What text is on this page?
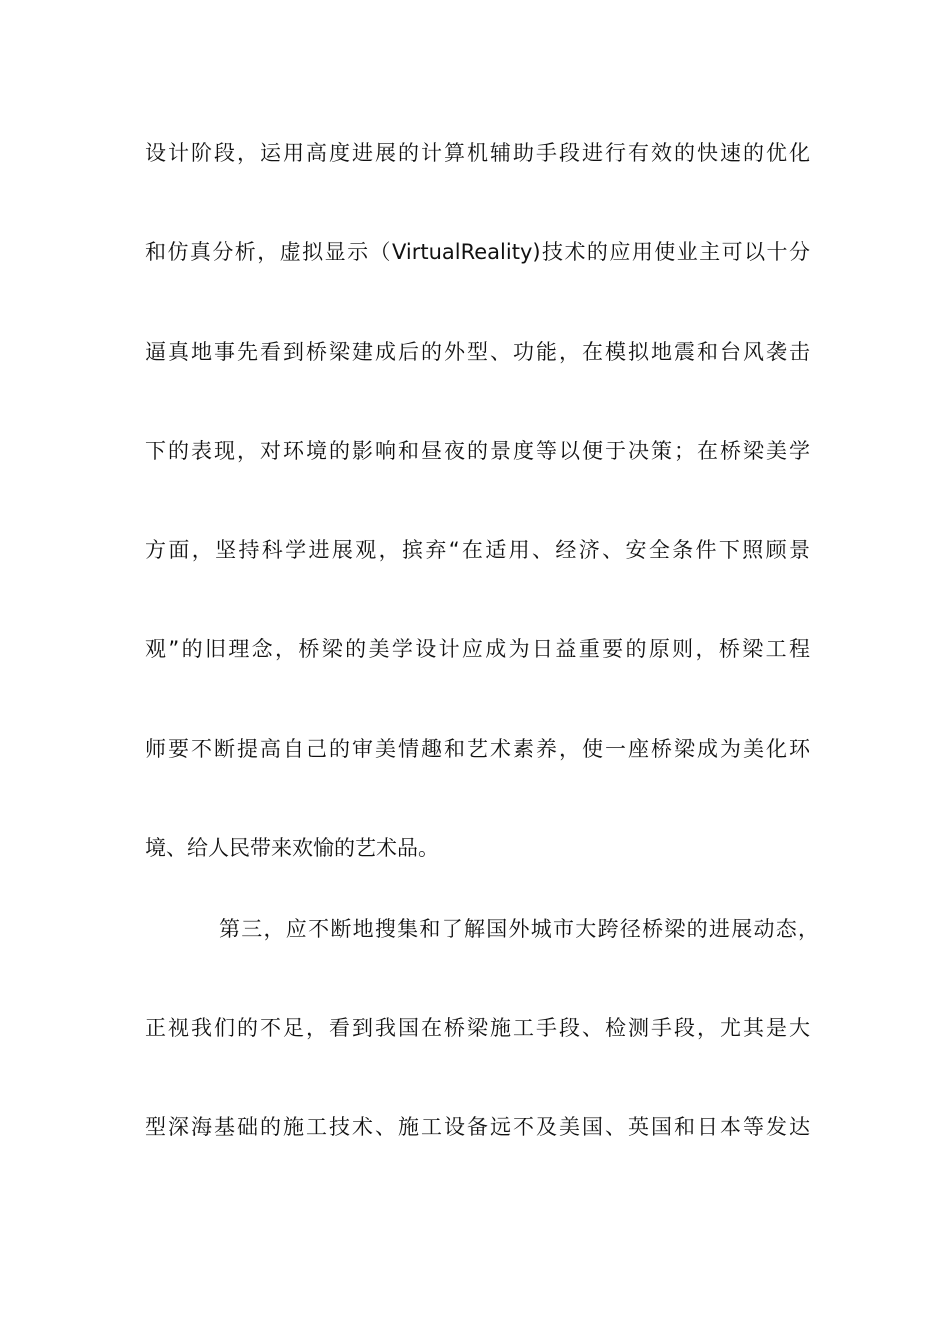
设计阶段，运用高度进展的计算机辅助手段进行有效的快速的优化
和仿真分析，虚拟显示（VirtualReality)技术的应用使业主可以十分
逼真地事先看到桥梁建成后的外型、功能，在模拟地震和台风袭击
下的表现，对环境的影响和昼夜的景度等以便于决策；在桥梁美学
方面，坚持科学进展观，摈弃“在适用、经济、安全条件下照顾景
观”的旧理念，桥梁的美学设计应成为日益重要的原则，桥梁工程
师要不断提高自己的审美情趣和艺术素养，使一座桥梁成为美化环
境、给人民带来欢愉的艺术品。
第三，应不断地搜集和了解国外城市大跨径桥梁的进展动态，
正视我们的不足，看到我国在桥梁施工手段、检测手段，尤其是大
型深海基础的施工技术、施工设备远不及美国、英国和日本等发达
